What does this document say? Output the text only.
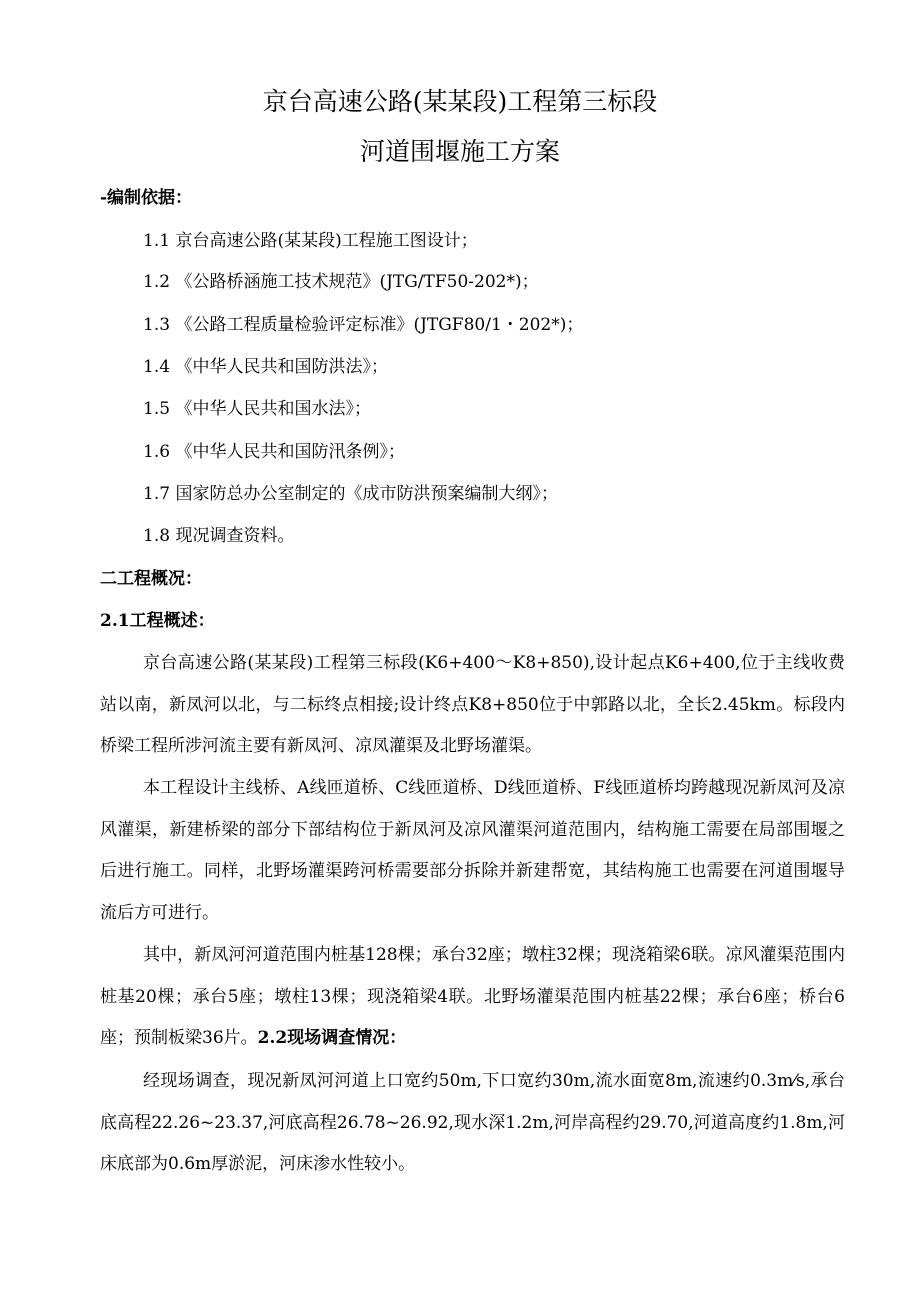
京台高速公路(某某段)工程第三标段
河道围堰施工方案
-编制依据：
1.1 京台高速公路(某某段)工程施工图设计；
1.2 《公路桥涵施工技术规范》(JTG/TF50-202*)；
1.3 《公路工程质量检验评定标准》(JTGF80/1・202*)；
1.4 《中华人民共和国防洪法》；
1.5 《中华人民共和国水法》；
1.6 《中华人民共和国防汛条例》；
1.7 国家防总办公室制定的《成市防洪预案编制大纲》；
1.8 现况调查资料。
二工程概况：
2.1工程概述：
京台高速公路(某某段)工程第三标段(K6+400～K8+850),设计起点K6+400,位于主线收费站以南，新凤河以北，与二标终点相接;设计终点K8+850位于中郭路以北，全长2.45km。标段内桥梁工程所涉河流主要有新凤河、凉凤灌渠及北野场灌渠。
本工程设计主线桥、A线匝道桥、C线匝道桥、D线匝道桥、F线匝道桥均跨越现况新凤河及凉风灌渠，新建桥梁的部分下部结构位于新凤河及凉风灌渠河道范围内，结构施工需要在局部围堰之后进行施工。同样，北野场灌渠跨河桥需要部分拆除并新建帮宽，其结构施工也需要在河道围堰导流后方可进行。
其中，新凤河河道范围内桩基128棵；承台32座；墩柱32棵；现浇箱梁6联。凉风灌渠范围内桩基20棵；承台5座；墩柱13棵；现浇箱梁4联。北野场灌渠范围内桩基22棵；承台6座；桥台6座；预制板梁36片。2.2现场调查情况：
经现场调查，现况新凤河河道上口宽约50m,下口宽约30m,流水面宽8m,流速约0.3m⁄s,承台底高程22.26~23.37,河底高程26.78~26.92,现水深1.2m,河岸高程约29.70,河道高度约1.8m,河床底部为0.6m厚淤泥，河床渗水性较小。
